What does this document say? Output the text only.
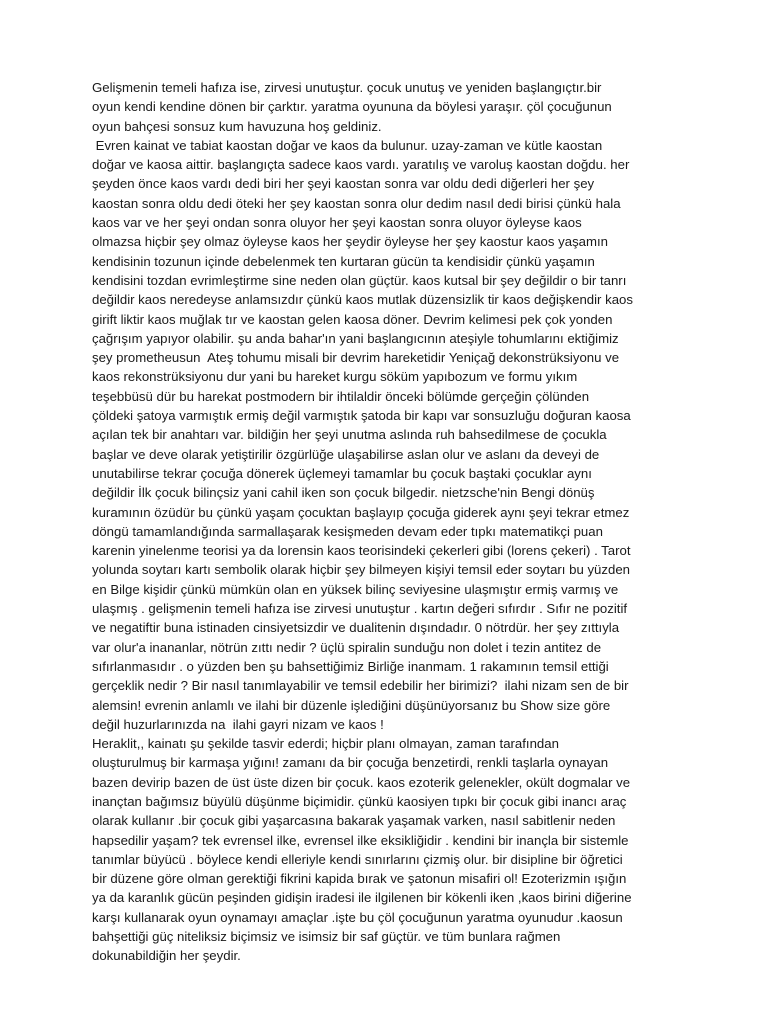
Gelişmenin temeli hafıza ise, zirvesi unutuştur. çocuk unutuş ve yeniden başlangıçtır.bir
oyun kendi kendine dönen bir çarktır. yaratma oyununa da böylesi yaraşır. çöl çocuğunun
oyun bahçesi sonsuz kum havuzuna hoş geldiniz.
Evren kainat ve tabiat kaostan doğar ve kaos da bulunur. uzay-zaman ve kütle kaostan
doğar ve kaosa aittir. başlangıçta sadece kaos vardı. yaratılış ve varoluş kaostan doğdu. her
şeyden önce kaos vardı dedi biri her şeyi kaostan sonra var oldu dedi diğerleri her şey
kaostan sonra oldu dedi öteki her şey kaostan sonra olur dedim nasıl dedi birisi çünkü hala
kaos var ve her şeyi ondan sonra oluyor her şeyi kaostan sonra oluyor öyleyse kaos
olmazsa hiçbir şey olmaz öyleyse kaos her şeydir öyleyse her şey kaostur kaos yaşamın
kendisinin tozunun içinde debelenmek ten kurtaran gücün ta kendisidir çünkü yaşamın
kendisini tozdan evrimleştirme sine neden olan güçtür. kaos kutsal bir şey değildir o bir tanrı
değildir kaos neredeyse anlamsızdır çünkü kaos mutlak düzensizlik tir kaos değişkendir kaos
girift liktir kaos muğlak tır ve kaostan gelen kaosa döner. Devrim kelimesi pek çok yonden
çağrışım yapıyor olabilir. şu anda bahar'ın yani başlangıcının ateşiyle tohumlarını ektiğimiz
şey prometheusun  Ateş tohumu misali bir devrim hareketidir Yeniçağ dekonstrüksiyonu ve
kaos rekonstrüksiyonu dur yani bu hareket kurgu söküm yapıbozum ve formu yıkım
teşebbüsü dür bu harekat postmodern bir ihtilaldir önceki bölümde gerçeğin çölünden
çöldeki şatoya varmıştık ermiş değil varmıştık şatoda bir kapı var sonsuzluğu doğuran kaosa
açılan tek bir anahtarı var. bildiğin her şeyi unutma aslında ruh bahsedilmese de çocukla
başlar ve deve olarak yetiştirilir özgürlüğe ulaşabilirse aslan olur ve aslanı da deveyi de
unutabilirse tekrar çocuğa dönerek üçlemeyi tamamlar bu çocuk baştaki çocuklar aynı
değildir İlk çocuk bilinçsiz yani cahil iken son çocuk bilgedir. nietzsche'nin Bengi dönüş
kuramının özüdür bu çünkü yaşam çocuktan başlayıp çocuğa giderek aynı şeyi tekrar etmez
döngü tamamlandığında sarmallaşarak kesişmeden devam eder tıpkı matematikçi puan
karenin yinelenme teorisi ya da lorensin kaos teorisindeki çekerleri gibi (lorens çekeri) . Tarot
yolunda soytarı kartı sembolik olarak hiçbir şey bilmeyen kişiyi temsil eder soytarı bu yüzden
en Bilge kişidir çünkü mümkün olan en yüksek bilinç seviyesine ulaşmıştır ermiş varmış ve
ulaşmış . gelişmenin temeli hafıza ise zirvesi unutuştur . kartın değeri sıfırdır . Sıfır ne pozitif
ve negatiftir buna istinaden cinsiyetsizdir ve dualitenin dışındadır. 0 nötrdür. her şey zıttıyla
var olur'a inananlar, nötrün zıttı nedir ? üçlü spiralin sunduğu non dolet i tezin antitez de
sıfırlanmasıdır . o yüzden ben şu bahsettiğimiz Birliğe inanmam. 1 rakamının temsil ettiği
gerçeklik nedir ? Bir nasıl tanımlayabilir ve temsil edebilir her birimizi?  ilahi nizam sen de bir
alemsin! evrenin anlamlı ve ilahi bir düzenle işlediğini düşünüyorsanız bu Show size göre
değil huzurlarınızda na  ilahi gayri nizam ve kaos !
Heraklit,, kainatı şu şekilde tasvir ederdi; hiçbir planı olmayan, zaman tarafından
oluşturulmuş bir karmaşa yığını! zamanı da bir çocuğa benzetirdi, renkli taşlarla oynayan
bazen devirip bazen de üst üste dizen bir çocuk. kaos ezoterik gelenekler, okült dogmalar ve
inançtan bağımsız büyülü düşünme biçimidir. çünkü kaosiyen tıpkı bir çocuk gibi inancı araç
olarak kullanır .bir çocuk gibi yaşarcasına bakarak yaşamak varken, nasıl sabitlenir neden
hapsedilir yaşam? tek evrensel ilke, evrensel ilke eksikliğidir . kendini bir inançla bir sistemle
tanımlar büyücü . böylece kendi elleriyle kendi sınırlarını çizmiş olur. bir disipline bir öğretici
bir düzene göre olman gerektiği fikrini kapida bırak ve şatonun misafiri ol! Ezoterizmin ışığın
ya da karanlık gücün peşinden gidişin iradesi ile ilgilenen bir kökenli iken ,kaos birini diğerine
karşı kullanarak oyun oynamayı amaçlar .işte bu çöl çocuğunun yaratma oyunudur .kaosun
bahşettiği güç niteliksiz biçimsiz ve isimsiz bir saf güçtür. ve tüm bunlara rağmen
dokunabildiğin her şeydir.
